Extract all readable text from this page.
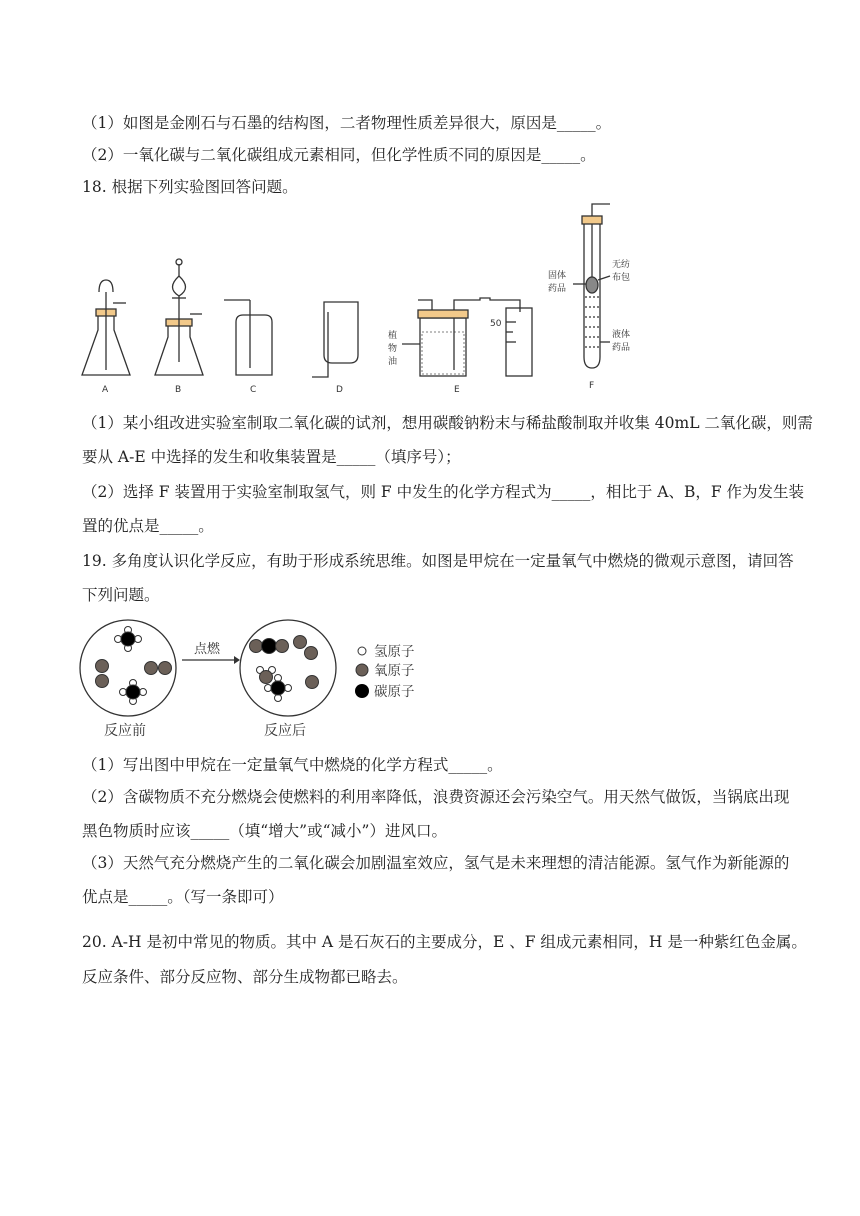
（1）如图是金刚石与石墨的结构图，二者物理性质差异很大，原因是_____。
（2）一氧化碳与二氧化碳组成元素相同，但化学性质不同的原因是_____。
18. 根据下列实验图回答问题。
A	B	C	D	E	F
植
物
油
50
固体
药品
无纺
布包
液体
药品
（1）某小组改进实验室制取二氧化碳的试剂，想用碳酸钠粉末与稀盐酸制取并收集 40mL 二氧化碳，则需
要从 A-E 中选择的发生和收集装置是_____（填序号）；
（2）选择 F 装置用于实验室制取氢气，则 F 中发生的化学方程式为_____，相比于 A、B，F 作为发生装
置的优点是_____。
19. 多角度认识化学反应，有助于形成系统思维。如图是甲烷在一定量氧气中燃烧的微观示意图，请回答
下列问题。
点燃
反应前	反应后
氢原子
氧原子
碳原子
（1）写出图中甲烷在一定量氧气中燃烧的化学方程式_____。
（2）含碳物质不充分燃烧会使燃料的利用率降低，浪费资源还会污染空气。用天然气做饭，当锅底出现
黑色物质时应该_____（填“增大”或“减小”）进风口。
（3）天然气充分燃烧产生的二氧化碳会加剧温室效应，氢气是未来理想的清洁能源。氢气作为新能源的
优点是_____。（写一条即可）
20. A-H 是初中常见的物质。其中 A 是石灰石的主要成分，E 、F 组成元素相同，H 是一种紫红色金属。
反应条件、部分反应物、部分生成物都已略去。
